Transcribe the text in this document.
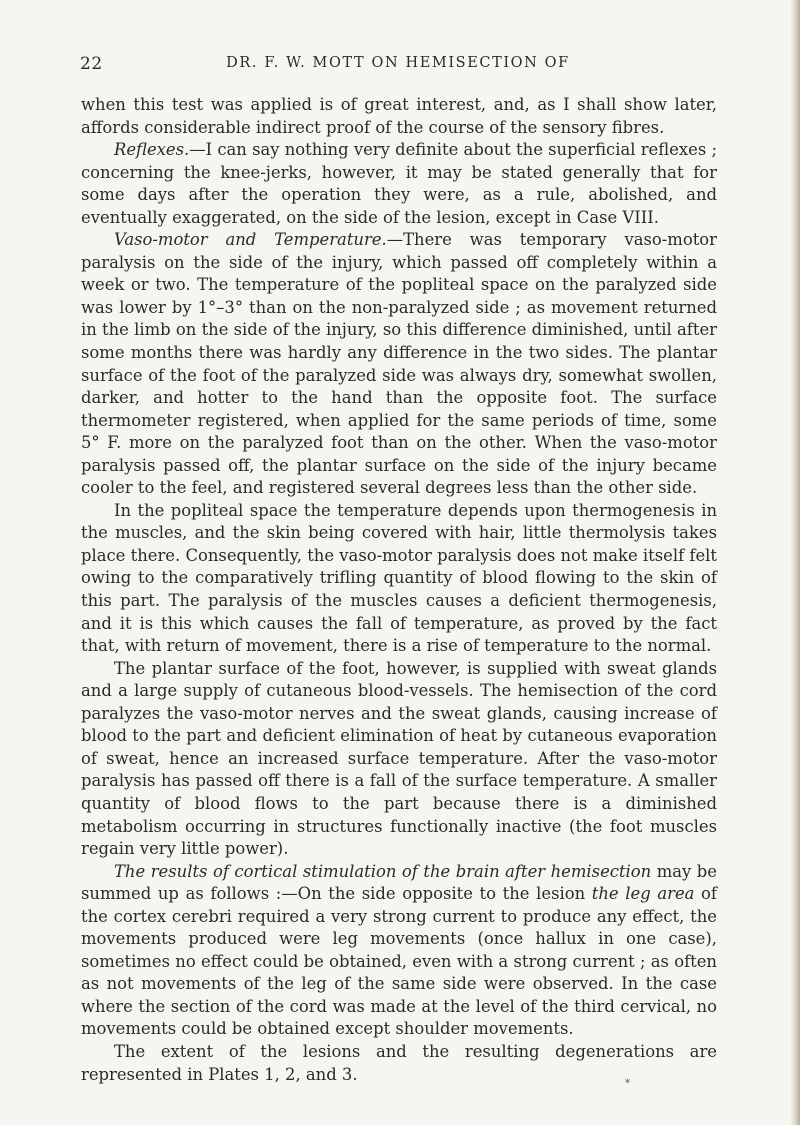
22	DR. F. W. MOTT ON HEMISECTION OF

when this test was applied is of great interest, and, as I shall show later, affords considerable indirect proof of the course of the sensory fibres.

Reflexes.—I can say nothing very definite about the superficial reflexes ; concerning the knee-jerks, however, it may be stated generally that for some days after the operation they were, as a rule, abolished, and eventually exaggerated, on the side of the lesion, except in Case VIII.

Vaso-motor and Temperature.—There was temporary vaso-motor paralysis on the side of the injury, which passed off completely within a week or two. The temperature of the popliteal space on the paralyzed side was lower by 1°–3° than on the non-paralyzed side ; as movement returned in the limb on the side of the injury, so this difference diminished, until after some months there was hardly any difference in the two sides. The plantar surface of the foot of the paralyzed side was always dry, somewhat swollen, darker, and hotter to the hand than the opposite foot. The surface thermometer registered, when applied for the same periods of time, some 5° F. more on the paralyzed foot than on the other. When the vaso-motor paralysis passed off, the plantar surface on the side of the injury became cooler to the feel, and registered several degrees less than the other side.

In the popliteal space the temperature depends upon thermogenesis in the muscles, and the skin being covered with hair, little thermolysis takes place there. Consequently, the vaso-motor paralysis does not make itself felt owing to the comparatively trifling quantity of blood flowing to the skin of this part. The paralysis of the muscles causes a deficient thermogenesis, and it is this which causes the fall of temperature, as proved by the fact that, with return of movement, there is a rise of temperature to the normal.

The plantar surface of the foot, however, is supplied with sweat glands and a large supply of cutaneous blood-vessels. The hemisection of the cord paralyzes the vaso-motor nerves and the sweat glands, causing increase of blood to the part and deficient elimination of heat by cutaneous evaporation of sweat, hence an increased surface temperature. After the vaso-motor paralysis has passed off there is a fall of the surface temperature. A smaller quantity of blood flows to the part because there is a diminished metabolism occurring in structures functionally inactive (the foot muscles regain very little power).

The results of cortical stimulation of the brain after hemisection may be summed up as follows :—On the side opposite to the lesion the leg area of the cortex cerebri required a very strong current to produce any effect, the movements produced were leg movements (once hallux in one case), sometimes no effect could be obtained, even with a strong current ; as often as not movements of the leg of the same side were observed. In the case where the section of the cord was made at the level of the third cervical, no movements could be obtained except shoulder movements.

The extent of the lesions and the resulting degenerations are represented in Plates 1, 2, and 3.	*
